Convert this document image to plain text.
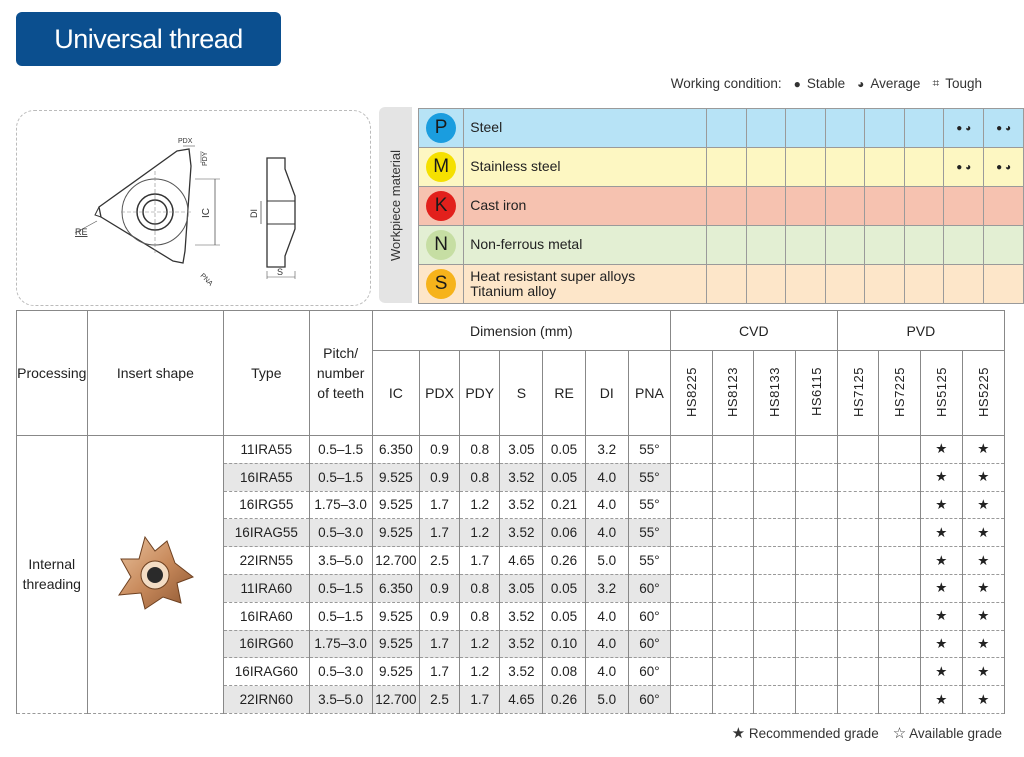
Universal thread
Working condition: ● Stable ◕ Average ⌗ Tough
PDX
PDY
IC
RE
PNA
DI
S
Workpiece material
P	Steel							● ◕	● ◕
M	Stainless steel							● ◕	● ◕
K	Cast iron								
N	Non-ferrous metal								
S	Heat resistant super alloys
Titanium alloy								
Processing	Insert shape	Type	Pitch/ number of teeth	Dimension (mm)							CVD				PVD			
				IC	PDX	PDY	S	RE	DI	PNA	HS8225	HS8123	HS8133	HS6115	HS7125	HS7225	HS5125	HS5225
Internal threading		11IRA55	0.5–1.5	6.350	0.9	0.8	3.05	0.05	3.2	55°							★	★
		16IRA55	0.5–1.5	9.525	0.9	0.8	3.52	0.05	4.0	55°							★	★
		16IRG55	1.75–3.0	9.525	1.7	1.2	3.52	0.21	4.0	55°							★	★
		16IRAG55	0.5–3.0	9.525	1.7	1.2	3.52	0.06	4.0	55°							★	★
		22IRN55	3.5–5.0	12.700	2.5	1.7	4.65	0.26	5.0	55°							★	★
		11IRA60	0.5–1.5	6.350	0.9	0.8	3.05	0.05	3.2	60°							★	★
		16IRA60	0.5–1.5	9.525	0.9	0.8	3.52	0.05	4.0	60°							★	★
		16IRG60	1.75–3.0	9.525	1.7	1.2	3.52	0.10	4.0	60°							★	★
		16IRAG60	0.5–3.0	9.525	1.7	1.2	3.52	0.08	4.0	60°							★	★
		22IRN60	3.5–5.0	12.700	2.5	1.7	4.65	0.26	5.0	60°							★	★
★ Recommended grade ☆ Available grade
